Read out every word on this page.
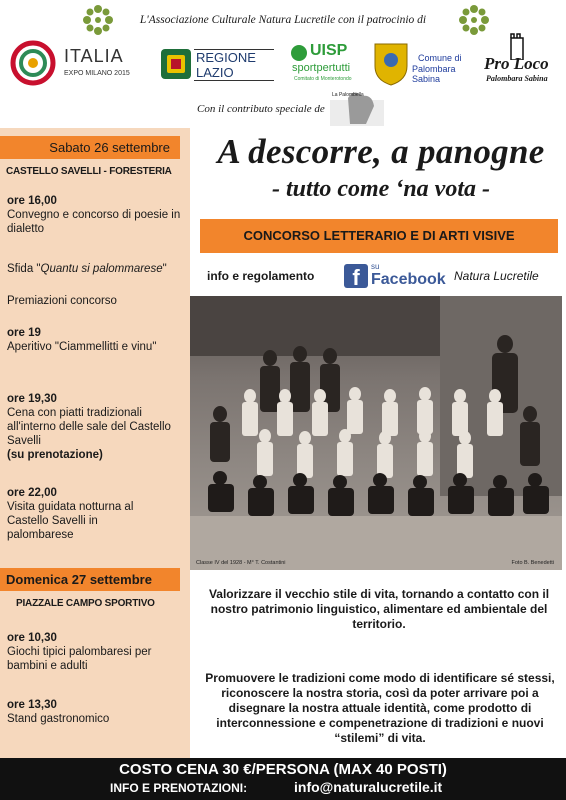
L'Associazione Culturale Natura Lucretile con il patrocinio di
ITALIA
EXPO MILANO 2015
REGIONE
LAZIO
UISP
sportpertutti
Comitato di Monterotondo
Comune di
Palombara Sabina
Pro Loco
Palombara Sabina
Con il contributo speciale de
La Palombella
Sabato 26 settembre
CASTELLO SAVELLI - FORESTERIA
ore 16,00
Convegno e concorso di poesie in dialetto
Sfida "Quantu si palommarese"
Premiazioni concorso
ore 19
Aperitivo "Ciammellitti e vinu"
ore 19,30
Cena con piatti tradizionali all'interno delle sale del Castello Savelli
(su prenotazione)
ore 22,00
Visita guidata notturna al Castello Savelli in palombarese
Domenica 27 settembre
PIAZZALE CAMPO SPORTIVO
ore 10,30
Giochi tipici palombaresi per bambini e adulti
ore 13,30
Stand gastronomico
A descorre, a panogne
- tutto come ‘na vota -
CONCORSO LETTERARIO E DI ARTI VISIVE
info e regolamento	f	su
Facebook Natura Lucretile
Classe IV del 1928 - M° T. Costantini	Foto B. Benedetti
Valorizzare il vecchio stile di vita, tornando a contatto con il nostro patrimonio linguistico, alimentare ed ambientale del territorio.
Promuovere le tradizioni come modo di identificare sé stessi, riconoscere la nostra storia, così da poter arrivare poi a disegnare la nostra attuale identità, come prodotto di interconnessione e compenetrazione di tradizioni e nuovi “stilemi” di vita.
COSTO CENA 30 €/PERSONA (MAX 40 POSTI)
INFO E PRENOTAZIONI:	info@naturalucretile.it
